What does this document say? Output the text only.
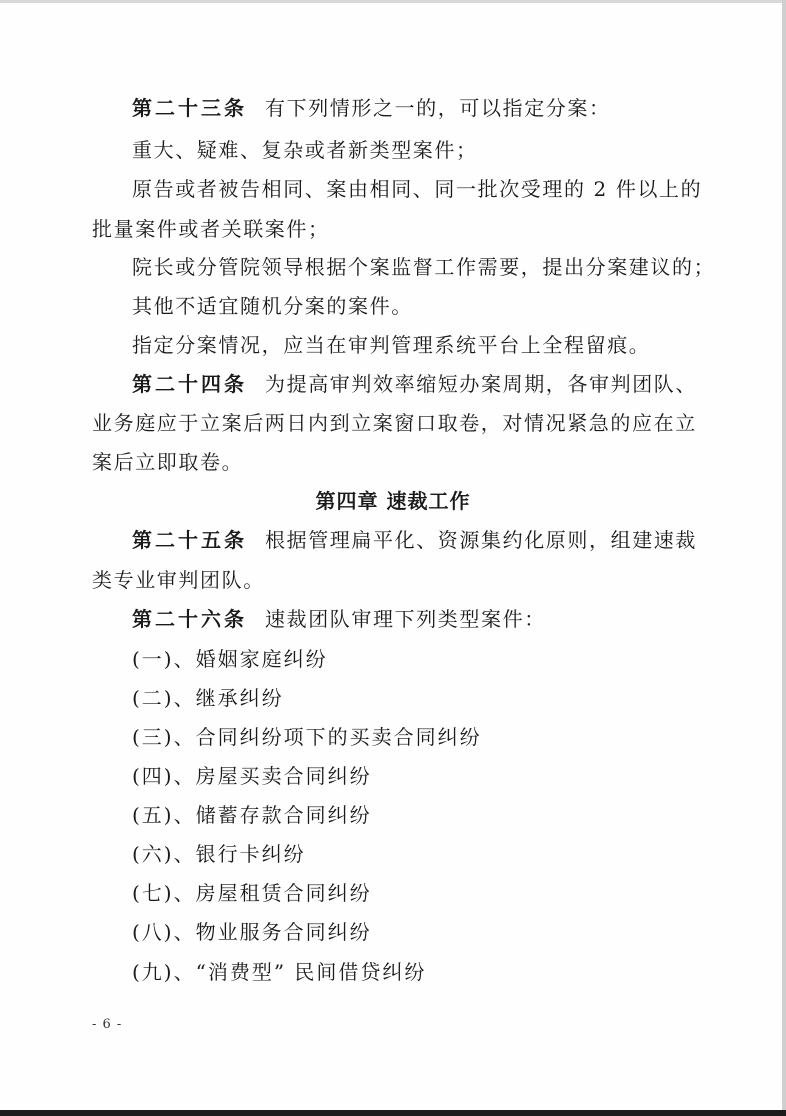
第二十三条 有下列情形之一的，可以指定分案：
重大、疑难、复杂或者新类型案件；
原告或者被告相同、案由相同、同一批次受理的 2 件以上的
批量案件或者关联案件；
院长或分管院领导根据个案监督工作需要，提出分案建议的；
其他不适宜随机分案的案件。
指定分案情况，应当在审判管理系统平台上全程留痕。
第二十四条 为提高审判效率缩短办案周期，各审判团队、
业务庭应于立案后两日内到立案窗口取卷，对情况紧急的应在立
案后立即取卷。
第四章 速裁工作
第二十五条 根据管理扁平化、资源集约化原则，组建速裁
类专业审判团队。
第二十六条 速裁团队审理下列类型案件：
(一)、婚姻家庭纠纷
(二)、继承纠纷
(三)、合同纠纷项下的买卖合同纠纷
(四)、房屋买卖合同纠纷
(五)、储蓄存款合同纠纷
(六)、银行卡纠纷
(七)、房屋租赁合同纠纷
(八)、物业服务合同纠纷
(九)、“消费型” 民间借贷纠纷
- 6 -
